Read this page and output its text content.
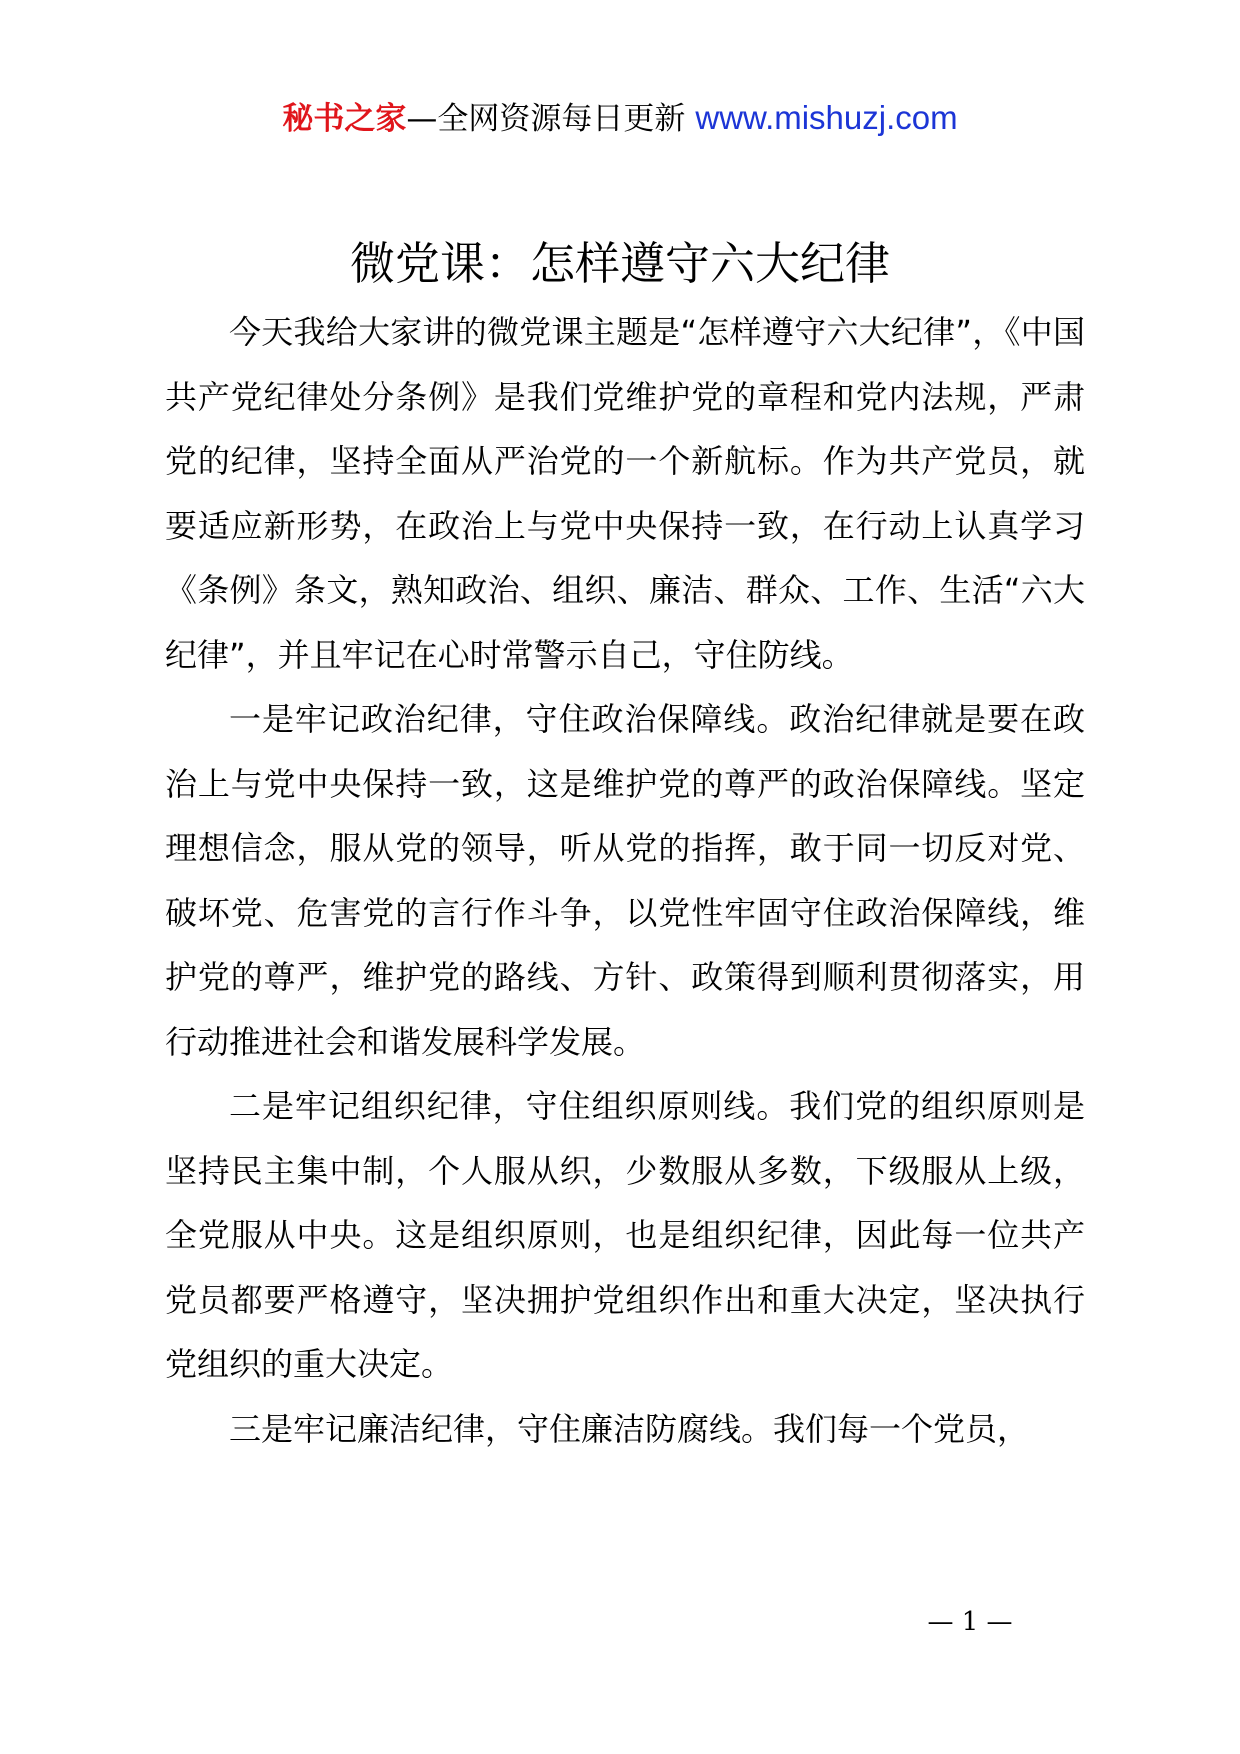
秘书之家—全网资源每日更新 www.mishuzj.com
微党课：怎样遵守六大纪律

今天我给大家讲的微党课主题是“怎样遵守六大纪律”，《中国共产党纪律处分条例》是我们党维护党的章程和党内法规，严肃党的纪律，坚持全面从严治党的一个新航标。作为共产党员，就要适应新形势，在政治上与党中央保持一致，在行动上认真学习《条例》条文，熟知政治、组织、廉洁、群众、工作、生活“六大纪律”，并且牢记在心时常警示自己，守住防线。

一是牢记政治纪律，守住政治保障线。政治纪律就是要在政治上与党中央保持一致，这是维护党的尊严的政治保障线。坚定理想信念，服从党的领导，听从党的指挥，敢于同一切反对党、破坏党、危害党的言行作斗争，以党性牢固守住政治保障线，维护党的尊严，维护党的路线、方针、政策得到顺利贯彻落实，用行动推进社会和谐发展科学发展。

二是牢记组织纪律，守住组织原则线。我们党的组织原则是坚持民主集中制，个人服从织，少数服从多数，下级服从上级，全党服从中央。这是组织原则，也是组织纪律，因此每一位共产党员都要严格遵守，坚决拥护党组织作出和重大决定，坚决执行党组织的重大决定。

三是牢记廉洁纪律，守住廉洁防腐线。我们每一个党员，

— 1 —
